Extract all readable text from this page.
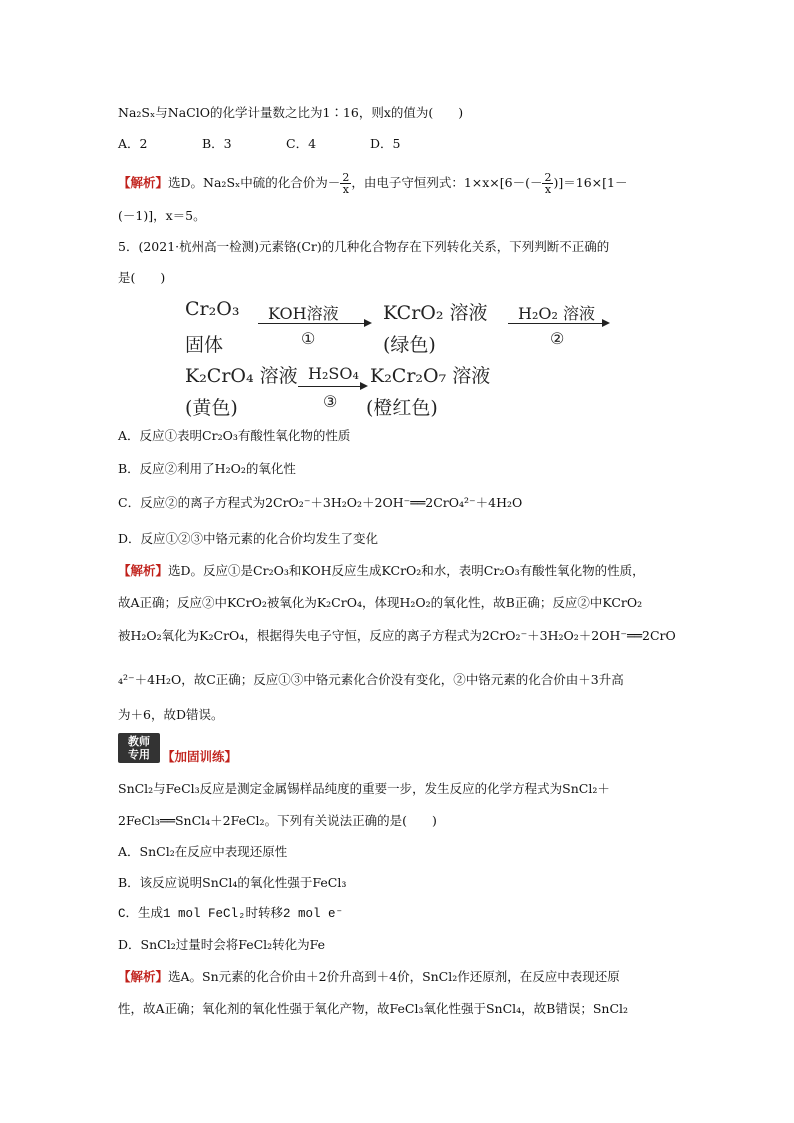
Na₂Sₓ与NaClO的化学计量数之比为1∶16，则x的值为(　　)
A．2	B．3	C．4	D．5
【解析】选D。Na₂Sₓ中硫的化合价为－ $\frac{2}{x}$ ，由电子守恒列式：$1\times x\times[6-(- \frac{2}{x} )]=16\times[1-$
(－1)]，x＝5。
5．(2021·杭州高一检测)元素铬(Cr)的几种化合物存在下列转化关系，下列判断不正确的
是(　　)
Cr₂O₃
固体
KOH溶液
①
KCrO₂ 溶液
(绿色)
H₂O₂ 溶液
②
K₂CrO₄ 溶液
(黄色)
H₂SO₄
③
K₂Cr₂O₇ 溶液
(橙红色)
A．反应①表明Cr₂O₃有酸性氧化物的性质
B．反应②利用了H₂O₂的氧化性
C．反应②的离子方程式为2CrO₂⁻＋3H₂O₂＋2OH⁻══2CrO₄²⁻＋4H₂O
D．反应①②③中铬元素的化合价均发生了变化
【解析】选D。反应①是Cr₂O₃和KOH反应生成KCrO₂和水，表明Cr₂O₃有酸性氧化物的性质，
故A正确；反应②中KCrO₂被氧化为K₂CrO₄，体现H₂O₂的氧化性，故B正确；反应②中KCrO₂
被H₂O₂氧化为K₂CrO₄，根据得失电子守恒，反应的离子方程式为2CrO₂⁻＋3H₂O₂＋2OH⁻══2CrO
₄²⁻＋4H₂O，故C正确；反应①③中铬元素化合价没有变化，②中铬元素的化合价由＋3升高
为＋6，故D错误。
教师
专用 【加固训练】
SnCl₂与FeCl₃反应是测定金属锡样品纯度的重要一步，发生反应的化学方程式为SnCl₂＋
2FeCl₃══SnCl₄＋2FeCl₂。下列有关说法正确的是(　　)
A．SnCl₂在反应中表现还原性
B．该反应说明SnCl₄的氧化性强于FeCl₃
C．生成1 mol FeCl₂时转移2 mol e⁻
D．SnCl₂过量时会将FeCl₂转化为Fe
【解析】选A。Sn元素的化合价由＋2价升高到＋4价，SnCl₂作还原剂，在反应中表现还原
性，故A正确；氧化剂的氧化性强于氧化产物，故FeCl₃氧化性强于SnCl₄，故B错误；SnCl₂
